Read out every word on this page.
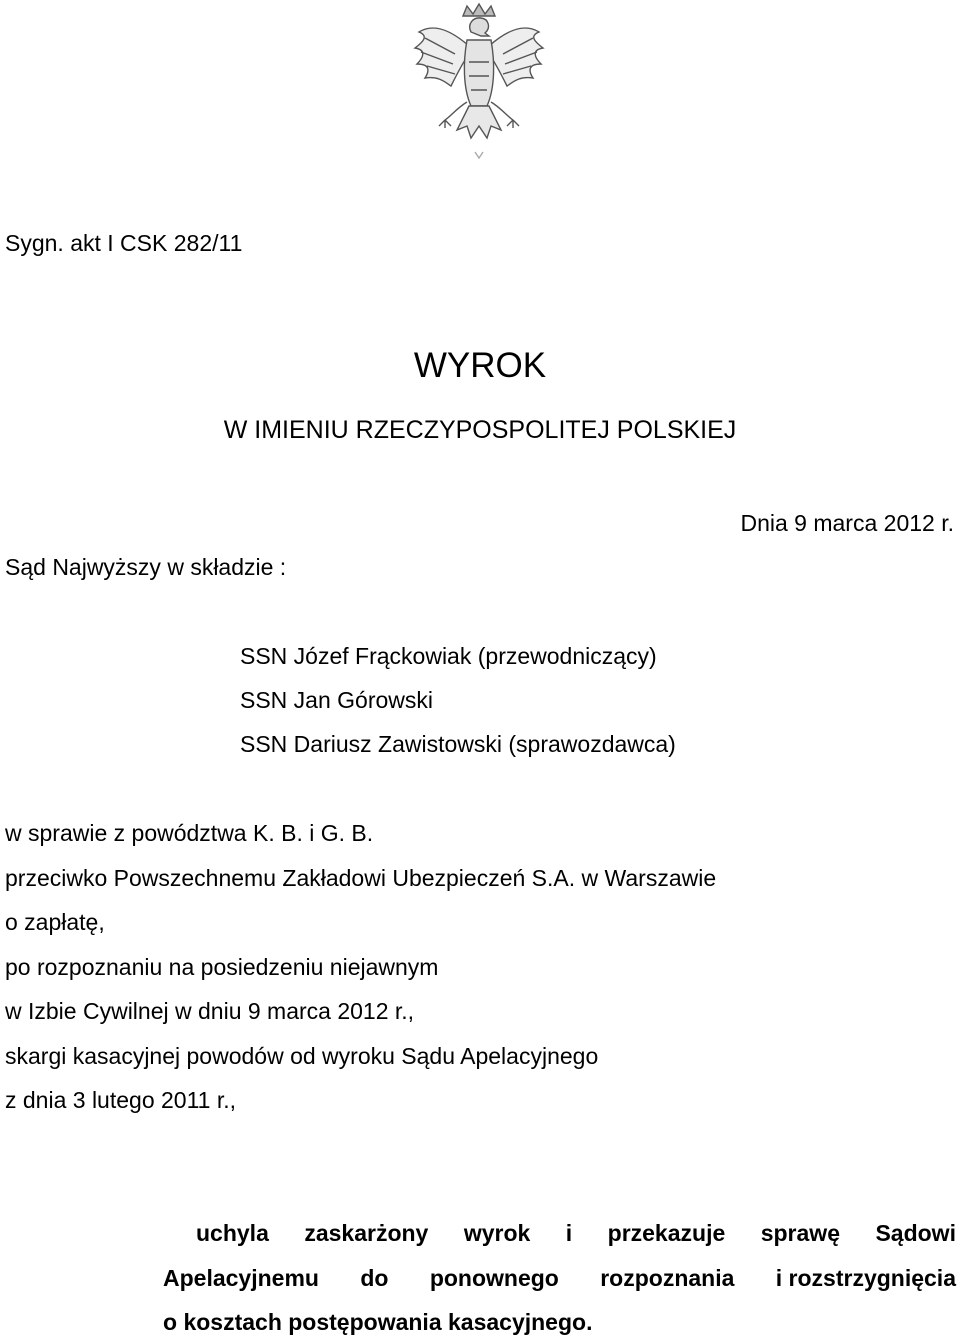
Sygn. akt I CSK 282/11
WYROK
W IMIENIU RZECZYPOSPOLITEJ POLSKIEJ
Dnia 9 marca 2012 r.
Sąd Najwyższy w składzie :
SSN Józef Frąckowiak (przewodniczący)
SSN Jan Górowski
SSN Dariusz Zawistowski (sprawozdawca)
w sprawie z powództwa K. B. i G. B.
przeciwko Powszechnemu Zakładowi Ubezpieczeń S.A. w Warszawie
o zapłatę,
po rozpoznaniu na posiedzeniu niejawnym
w Izbie Cywilnej w dniu 9 marca 2012 r.,
skargi kasacyjnej powodów od wyroku Sądu Apelacyjnego
z dnia 3 lutego 2011 r.,
uchyla zaskarżony wyrok i przekazuje sprawę Sądowi
Apelacyjnemu do ponownego rozpoznania i rozstrzygnięcia
o kosztach postępowania kasacyjnego.
